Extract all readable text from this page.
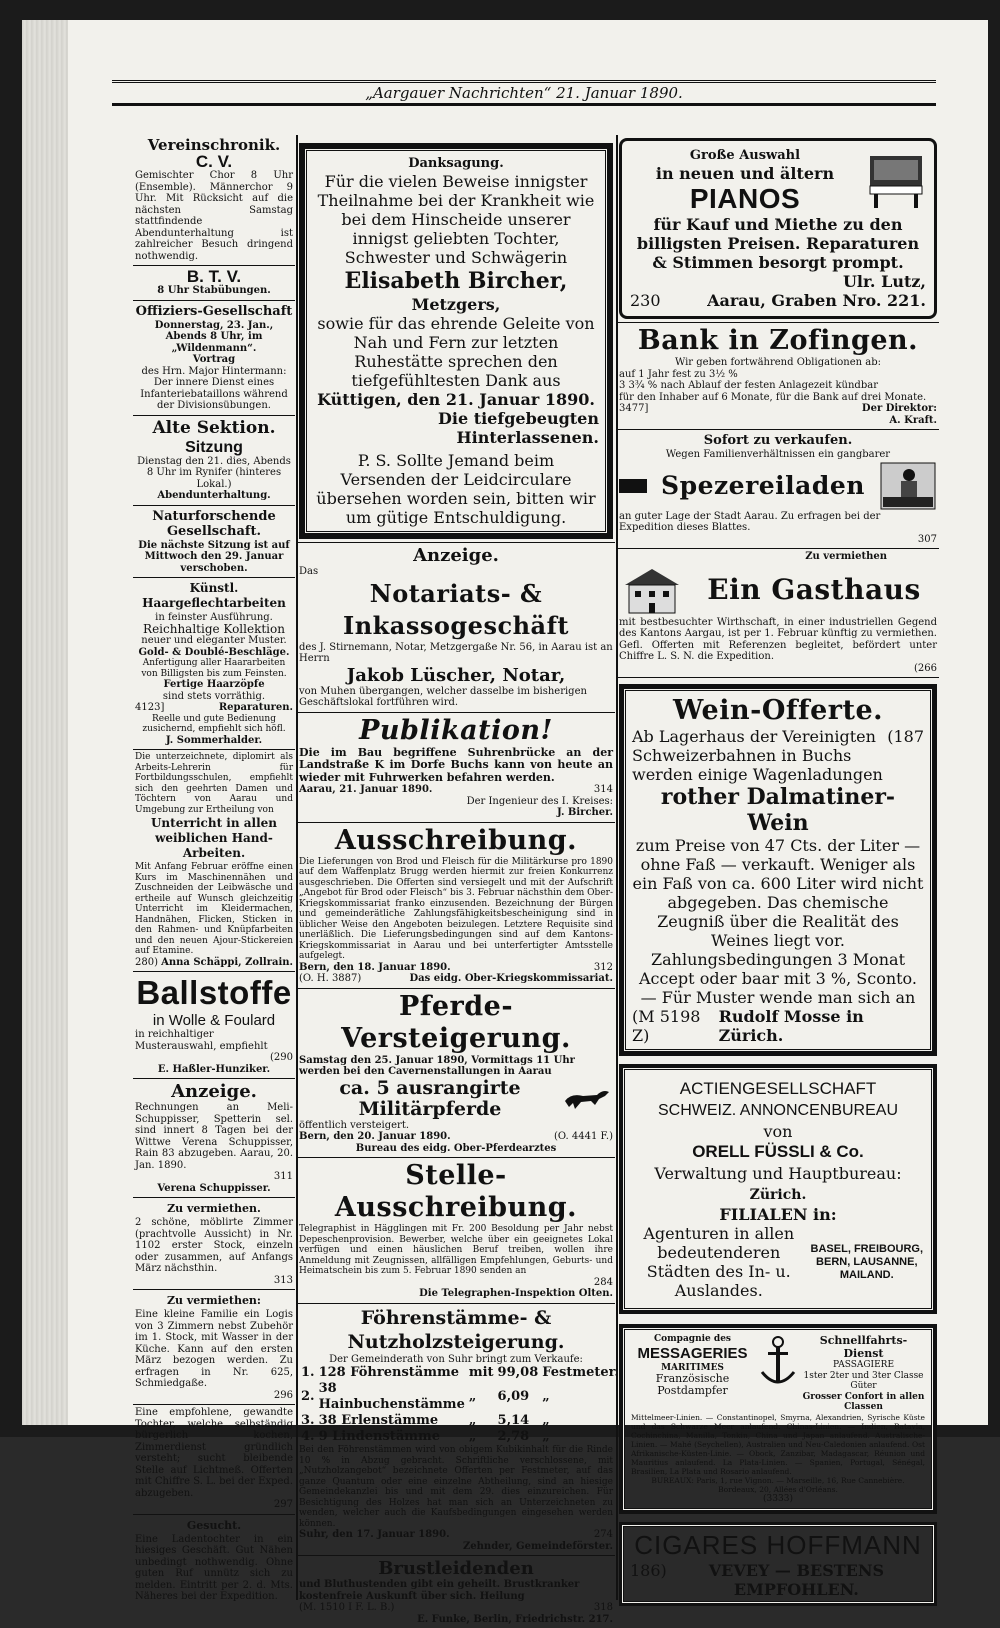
„Aargauer Nachrichten“ 21. Januar 1890.
Vereinschronik.
C. V.
Gemischter Chor 8 Uhr (Ensemble). Männerchor 9 Uhr. Mit Rücksicht auf die nächsten Samstag stattfindende Abendunterhaltung ist zahlreicher Besuch dringend nothwendig.
B. T. V.
8 Uhr Stabübungen.
Offiziers-Gesellschaft
Donnerstag, 23. Jan., Abends 8 Uhr, im „Wildenmann“.
Vortrag
des Hrn. Major Hintermann: Der innere Dienst eines Infanteriebataillons während der Divisionsübungen.
Alte Sektion.
Sitzung
Dienstag den 21. dies, Abends 8 Uhr im Rynifer (hinteres Lokal.)
Abendunterhaltung.
Naturforschende Gesellschaft.
Die nächste Sitzung ist auf Mittwoch den 29. Januar verschoben.
Künstl. Haargeflechtarbeiten
in feinster Ausführung.
Reichhaltige Kollektion
neuer und eleganter Muster.
Gold- & Doublé-Beschläge.
Anfertigung aller Haararbeiten von Billigsten bis zum Feinsten.
Fertige Haarzöpfe
sind stets vorräthig.
4123]	Reparaturen.
Reelle und gute Bedienung zusichernd, empfiehlt sich höfl.
J. Sommerhalder.
Die unterzeichnete, diplomirt als Arbeits-Lehrerin für Fortbildungsschulen, empfiehlt sich den geehrten Damen und Töchtern von Aarau und Umgebung zur Ertheilung von
Unterricht in allen weiblichen Hand-Arbeiten.
Mit Anfang Februar eröffne einen Kurs im Maschinennähen und Zuschneiden der Leibwäsche und ertheile auf Wunsch gleichzeitig Unterricht im Kleidermachen, Handnähen, Flicken, Sticken in den Rahmen- und Knüpfarbeiten und den neuen Ajour-Stickereien auf Etamine.
280) Anna Schäppi, Zollrain.
Ballstoffe
in Wolle & Foulard
in reichhaltiger Musterauswahl, empfiehlt
(290
E. Haßler-Hunziker.
Anzeige.
Rechnungen an Meli-Schuppisser, Spetterin sel. sind innert 8 Tagen bei der Wittwe Verena Schuppisser, Rain 83 abzugeben. Aarau, 20. Jan. 1890.
311
Verena Schuppisser.
Zu vermiethen.
2 schöne, möblirte Zimmer (prachtvolle Aussicht) in Nr. 1102 erster Stock, einzeln oder zusammen, auf Anfangs März nächsthin.
313
Zu vermiethen:
Eine kleine Familie ein Logis von 3 Zimmern nebst Zubehör im 1. Stock, mit Wasser in der Küche. Kann auf den ersten März bezogen werden. Zu erfragen in Nr. 625, Schmiedgaße.
296
Eine empfohlene, gewandte Tochter, welche selbständig bürgerlich kochen, Zimmerdienst gründlich versteht; sucht bleibende Stelle auf Lichtmeß. Offerten mit Chiffre S. L. bei der Exped. abzugeben.
297
Gesucht.
Eine Ladentochter in ein hiesiges Geschäft. Gut Nähen unbedingt nothwendig. Ohne guten Ruf unnütz sich zu melden. Eintritt per 2. d. Mts. Näheres bei der Expedition.
Danksagung.
Für die vielen Beweise innigster Theilnahme bei der Krankheit wie bei dem Hinscheide unserer innigst geliebten Tochter, Schwester und Schwägerin
Elisabeth Bircher,
Metzgers,
sowie für das ehrende Geleite von Nah und Fern zur letzten Ruhestätte sprechen den tiefgefühltesten Dank aus
Küttigen, den 21. Januar 1890.
Die tiefgebeugten Hinterlassenen.
P. S. Sollte Jemand beim Versenden der Leidcirculare übersehen worden sein, bitten wir um gütige Entschuldigung.
Anzeige.
Das
Notariats- & Inkassogeschäft
des J. Stirnemann, Notar, Metzgergaße Nr. 56, in Aarau ist an Herrn
Jakob Lüscher, Notar,
von Muhen übergangen, welcher dasselbe im bisherigen Geschäftslokal fortführen wird.
Publikation!
Die im Bau begriffene Suhrenbrücke an der Landstraße K im Dorfe Buchs kann von heute an wieder mit Fuhrwerken befahren werden.
Aarau, 21. Januar 1890.	314
Der Ingenieur des I. Kreises:
J. Bircher.
Ausschreibung.
Die Lieferungen von Brod und Fleisch für die Militärkurse pro 1890 auf dem Waffenplatz Brugg werden hiermit zur freien Konkurrenz ausgeschrieben. Die Offerten sind versiegelt und mit der Aufschrift „Angebot für Brod oder Fleisch“ bis 3. Februar nächsthin dem Ober-Kriegskommissariat franko einzusenden. Bezeichnung der Bürgen und gemeinderätliche Zahlungsfähigkeitsbescheinigung sind in üblicher Weise den Angeboten beizulegen. Letztere Requisite sind unerläßlich. Die Lieferungsbedingungen sind auf dem Kantons-Kriegskommissariat in Aarau und bei unterfertigter Amtsstelle aufgelegt.
Bern, den 18. Januar 1890.	312
(O. H. 3887)	Das eidg. Ober-Kriegskommissariat.
Pferde-Versteigerung.
Samstag den 25. Januar 1890, Vormittags 11 Uhr werden bei den Cavernenstallungen in Aarau
ca. 5 ausrangirte Militärpferde
öffentlich versteigert.
Bern, den 20. Januar 1890.	(O. 4441 F.)
Bureau des eidg. Ober-Pferdearztes
Stelle-Ausschreibung.
Telegraphist in Hägglingen mit Fr. 200 Besoldung per Jahr nebst Depeschenprovision. Bewerber, welche über ein geeignetes Lokal verfügen und einen häuslichen Beruf treiben, wollen ihre Anmeldung mit Zeugnissen, allfälligen Empfehlungen, Geburts- und Heimatschein bis zum 5. Februar 1890 senden an
284
Die Telegraphen-Inspektion Olten.
Föhrenstämme- & Nutzholzsteigerung.
Der Gemeinderath von Suhr bringt zum Verkaufe:
1.	128 Föhrenstämme	mit	99,08	Festmeter.
2.	38 Hainbuchenstämme	„	6,09	„
3.	38 Erlenstämme	„	5,14	„
4.	9 Lindenstämme	„	2,78	„
Bei den Föhrenstämmen wird von obigem Kubikinhalt für die Rinde 10 % in Abzug gebracht. Schriftliche verschlossene, mit „Nutzholzangebot“ bezeichnete Offerten per Festmeter, auf das ganze Quantum oder eine einzelne Abtheilung, sind an hiesige Gemeindekanzlei bis und mit dem 29. dies einzureichen. Für Besichtigung des Holzes hat man sich an Unterzeichneten zu wenden, welcher auch die Kaufsbedingungen eingesehen werden können.
Suhr, den 17. Januar 1890.	274
Zehnder, Gemeindeförster.
Brustleidenden
und Bluthustenden gibt ein geheilt. Brustkranker kostenfreie Auskunft über sich. Heilung
(M. 1510 I F. L. B.)	318
E. Funke, Berlin, Friedrichstr. 217.
Große Auswahl
in neuen und ältern
PIANOS
für Kauf und Miethe zu den billigsten Preisen. Reparaturen & Stimmen besorgt prompt.
Ulr. Lutz,
230	Aarau, Graben Nro. 221.
Bank in Zofingen.
Wir geben fortwährend Obligationen ab:
auf 1 Jahr fest zu 3½ %
3 3¾ % nach Ablauf der festen Anlagezeit kündbar
für den Inhaber auf 6 Monate, für die Bank auf drei Monate.
3477]	Der Direktor:
A. Kraft.
Sofort zu verkaufen.
Wegen Familienverhältnissen ein gangbarer
Spezereiladen
an guter Lage der Stadt Aarau. Zu erfragen bei der Expedition dieses Blattes.
307
Zu vermiethen
Ein Gasthaus
mit bestbesuchter Wirthschaft, in einer industriellen Gegend des Kantons Aargau, ist per 1. Februar künftig zu vermiethen. Gefl. Offerten mit Referenzen begleitet, befördert unter Chiffre L. S. N. die Expedition.
(266
Wein-Offerte.
Ab Lagerhaus der Vereinigten Schweizerbahnen in Buchs werden einige Wagenladungen
(187
rother Dalmatiner-Wein
zum Preise von 47 Cts. der Liter — ohne Faß — verkauft. Weniger als ein Faß von ca. 600 Liter wird nicht abgegeben. Das chemische Zeugniß über die Realität des Weines liegt vor. Zahlungsbedingungen 3 Monat Accept oder baar mit 3 %, Sconto. — Für Muster wende man sich an
(M 5198 Z)
Rudolf Mosse in Zürich.
ACTIENGESELLSCHAFT
SCHWEIZ. ANNONCENBUREAU
von
ORELL FÜSSLI & Co.
Verwaltung und Hauptbureau:
Zürich.
FILIALEN in:
Agenturen in allen bedeutenderen Städten des In- u. Auslandes.
BASEL, FREIBOURG,
BERN, LAUSANNE,
MAILAND.
Compagnie des
MESSAGERIES
MARITIMES
Französische Postdampfer
Schnellfahrts-Dienst
PASSAGIERE
1ster 2ter und 3ter Classe
Güter
Grosser Confort in allen Classen
Mittelmeer-Linien. — Constantinopel, Smyrna, Alexandrien, Syrische Küste und das Schwarze Meer anlaufend. Chinas-Linien. — Indien, Batavia, Cochinchina, Manilla, Tonkin, China und Japan anlaufend. Australische-Linien. — Mahé (Seychellen), Australien und Neu-Caledonien anlaufend. Ost Afrikanische-Küsten-Linie. — Obock, Zanzibar, Madagascar, Réunion und Mauritius anlaufend. La Plata-Linien. — Spanien, Portugal, Sénégal, Brasilien, La Plata und Rosario anlaufend.
BUREAUX: Paris, 1, rue Vignon. — Marseille, 16, Rue Cannebière. Bordeaux, 20, Allées d'Orléans.
(3333)
CIGARES HOFFMANN
186)	VEVEY — BESTENS EMPFOHLEN.
